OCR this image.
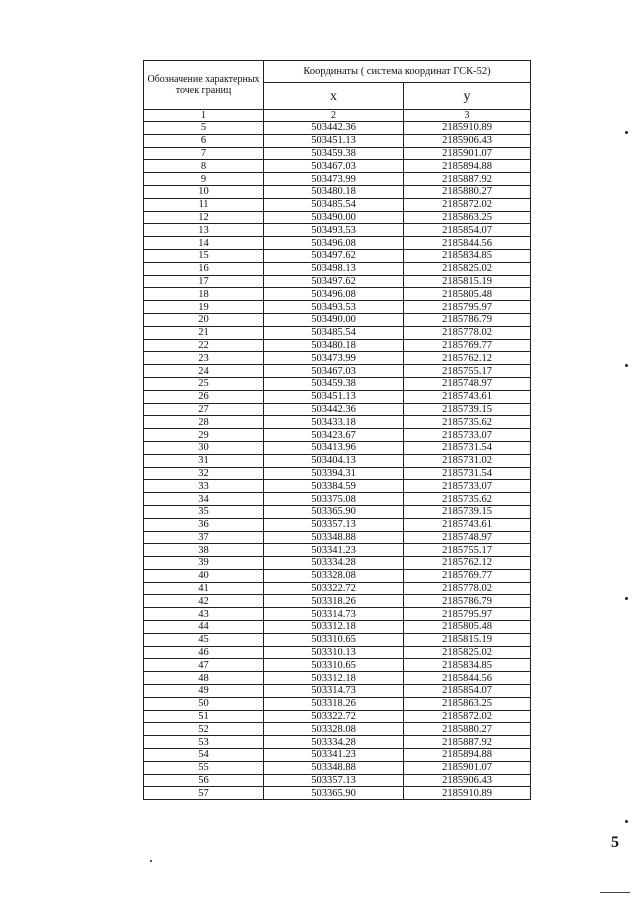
Обозначение характерных точек границ	Координаты ( система координат ГСК-52)	
	x	y
1	2	3
5	503442.36	2185910.89
6	503451.13	2185906.43
7	503459.38	2185901.07
8	503467.03	2185894.88
9	503473.99	2185887.92
10	503480.18	2185880.27
11	503485.54	2185872.02
12	503490.00	2185863.25
13	503493.53	2185854.07
14	503496.08	2185844.56
15	503497.62	2185834.85
16	503498.13	2185825.02
17	503497.62	2185815.19
18	503496.08	2185805.48
19	503493.53	2185795.97
20	503490.00	2185786.79
21	503485.54	2185778.02
22	503480.18	2185769.77
23	503473.99	2185762.12
24	503467.03	2185755.17
25	503459.38	2185748.97
26	503451.13	2185743.61
27	503442.36	2185739.15
28	503433.18	2185735.62
29	503423.67	2185733.07
30	503413.96	2185731.54
31	503404.13	2185731.02
32	503394.31	2185731.54
33	503384.59	2185733.07
34	503375.08	2185735.62
35	503365.90	2185739.15
36	503357.13	2185743.61
37	503348.88	2185748.97
38	503341.23	2185755.17
39	503334.28	2185762.12
40	503328.08	2185769.77
41	503322.72	2185778.02
42	503318.26	2185786.79
43	503314.73	2185795.97
44	503312.18	2185805.48
45	503310.65	2185815.19
46	503310.13	2185825.02
47	503310.65	2185834.85
48	503312.18	2185844.56
49	503314.73	2185854.07
50	503318.26	2185863.25
51	503322.72	2185872.02
52	503328.08	2185880.27
53	503334.28	2185887.92
54	503341.23	2185894.88
55	503348.88	2185901.07
56	503357.13	2185906.43
57	503365.90	2185910.89
5
